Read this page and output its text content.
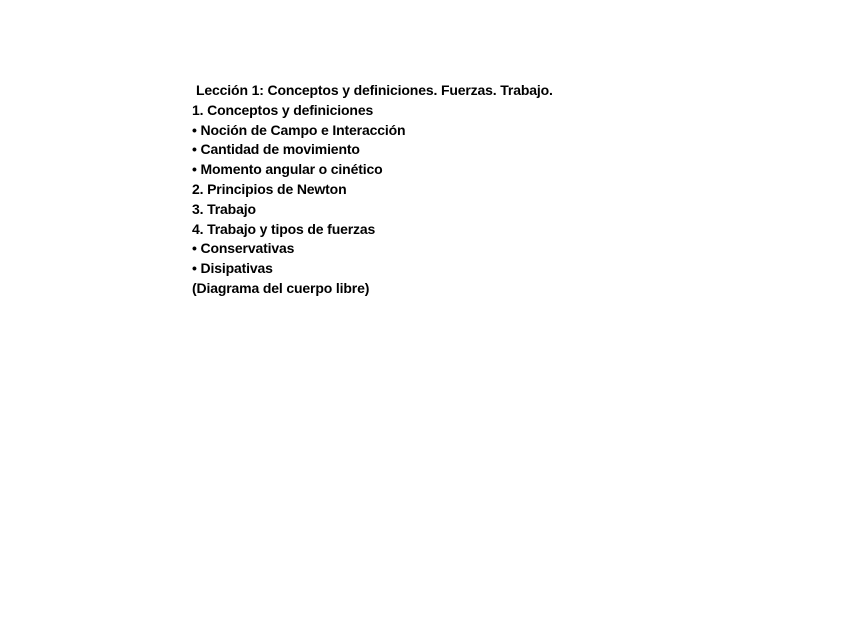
Lección 1: Conceptos y definiciones. Fuerzas. Trabajo.
1. Conceptos y definiciones
• Noción de Campo e Interacción
• Cantidad de movimiento
• Momento angular o cinético
2. Principios de Newton
3. Trabajo
4. Trabajo y tipos de fuerzas
• Conservativas
• Disipativas
(Diagrama del cuerpo libre)
